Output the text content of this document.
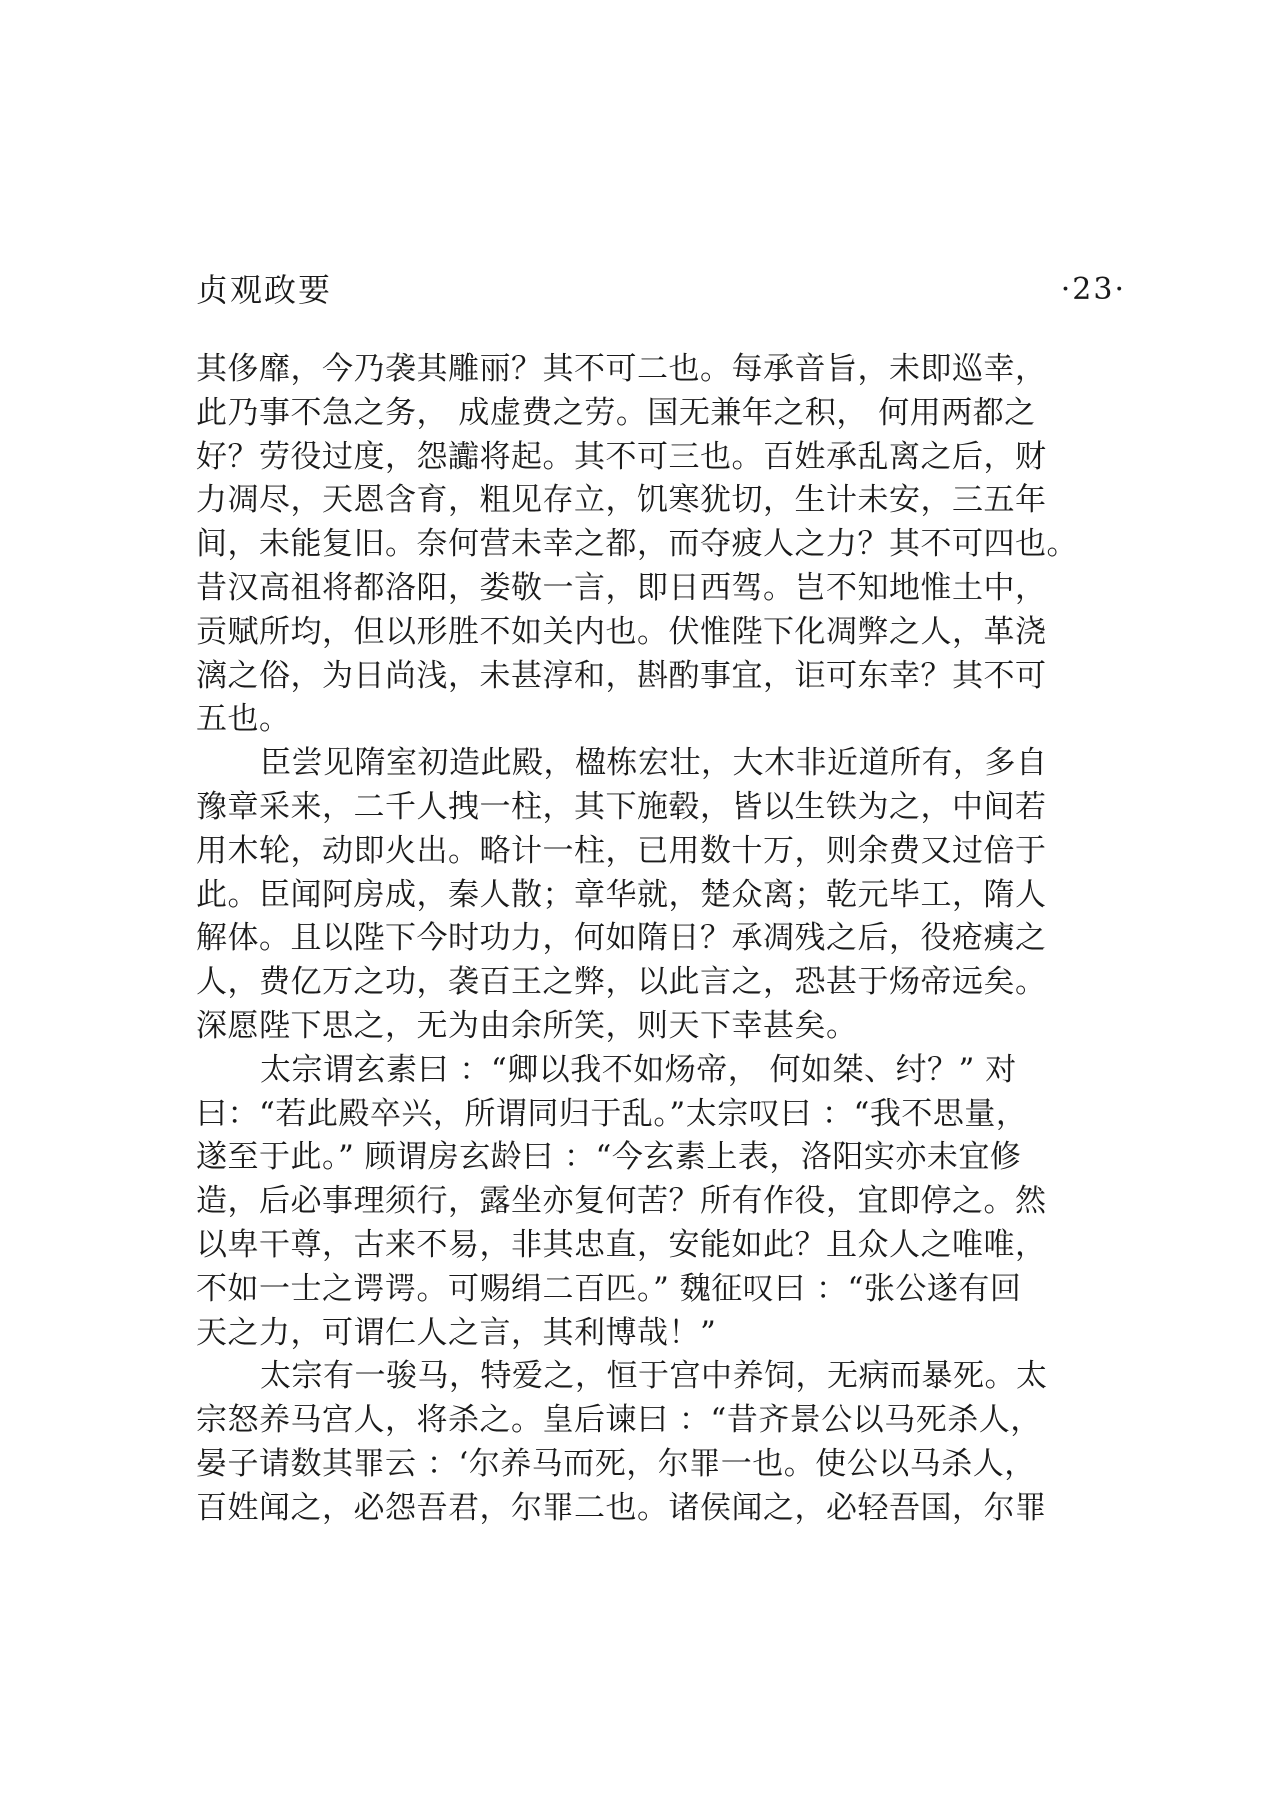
贞观政要	·23·
其侈靡，今乃袭其雕丽？其不可二也。每承音旨，未即巡幸，
此乃事不急之务， 成虚费之劳。国无兼年之积， 何用两都之
好？劳役过度，怨讟将起。其不可三也。百姓承乱离之后，财
力凋尽，天恩含育，粗见存立，饥寒犹切，生计未安，三五年
间，未能复旧。奈何营未幸之都，而夺疲人之力？其不可四也。
昔汉高祖将都洛阳，娄敬一言，即日西驾。岂不知地惟土中，
贡赋所均，但以形胜不如关内也。伏惟陛下化凋弊之人，革浇
漓之俗，为日尚浅，未甚淳和，斟酌事宜，讵可东幸？其不可
五也。
臣尝见隋室初造此殿，楹栋宏壮，大木非近道所有，多自
豫章采来，二千人拽一柱，其下施毂，皆以生铁为之，中间若
用木轮，动即火出。略计一柱，已用数十万，则余费又过倍于
此。臣闻阿房成，秦人散；章华就，楚众离；乾元毕工，隋人
解体。且以陛下今时功力，何如隋日？承凋残之后，役疮痍之
人，费亿万之功，袭百王之弊，以此言之，恐甚于炀帝远矣。
深愿陛下思之，无为由余所笑，则天下幸甚矣。
太宗谓玄素曰 ：“卿以我不如炀帝， 何如桀、纣？” 对
曰：“若此殿卒兴，所谓同归于乱。”太宗叹曰 ：“我不思量，
遂至于此。” 顾谓房玄龄曰 ：“今玄素上表，洛阳实亦未宜修
造，后必事理须行，露坐亦复何苦？所有作役，宜即停之。然
以卑干尊，古来不易，非其忠直，安能如此？且众人之唯唯，
不如一士之谔谔。可赐绢二百匹。” 魏征叹曰 ：“张公遂有回
天之力，可谓仁人之言，其利博哉！”
太宗有一骏马，特爱之，恒于宫中养饲，无病而暴死。太
宗怒养马宫人，将杀之。皇后谏曰 ：“昔齐景公以马死杀人，
晏子请数其罪云 ：‘尔养马而死，尔罪一也。使公以马杀人，
百姓闻之，必怨吾君，尔罪二也。诸侯闻之，必轻吾国，尔罪
